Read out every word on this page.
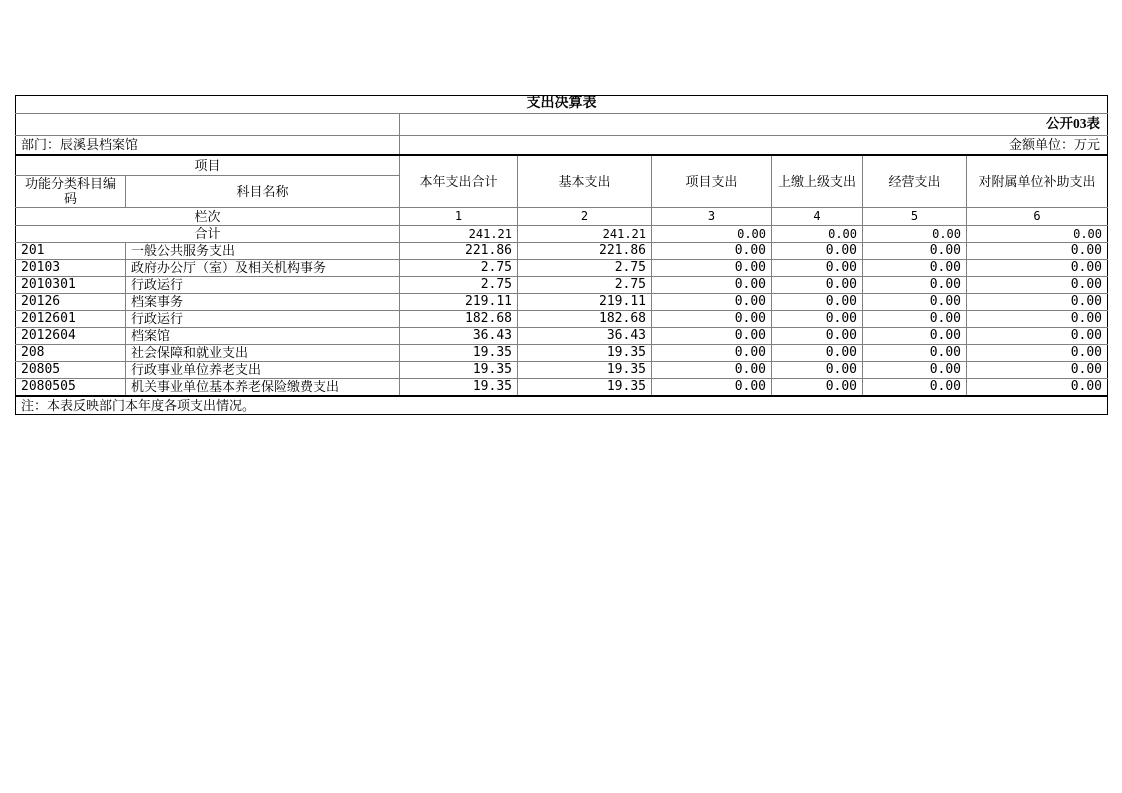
支出决算表							
		公开03表					
部门：辰溪县档案馆		金额单位：万元					
项目		本年支出合计	基本支出	项目支出	上缴上级支出	经营支出	对附属单位补助支出
功能分类科目编码	科目名称						
栏次		1	2	3	4	5	6
合计		241.21	241.21	0.00	0.00	0.00	0.00
201	一般公共服务支出	221.86	221.86	0.00	0.00	0.00	0.00
20103	政府办公厅（室）及相关机构事务	2.75	2.75	0.00	0.00	0.00	0.00
2010301	行政运行	2.75	2.75	0.00	0.00	0.00	0.00
20126	档案事务	219.11	219.11	0.00	0.00	0.00	0.00
2012601	行政运行	182.68	182.68	0.00	0.00	0.00	0.00
2012604	档案馆	36.43	36.43	0.00	0.00	0.00	0.00
208	社会保障和就业支出	19.35	19.35	0.00	0.00	0.00	0.00
20805	行政事业单位养老支出	19.35	19.35	0.00	0.00	0.00	0.00
2080505	机关事业单位基本养老保险缴费支出	19.35	19.35	0.00	0.00	0.00	0.00
注：本表反映部门本年度各项支出情况。							
